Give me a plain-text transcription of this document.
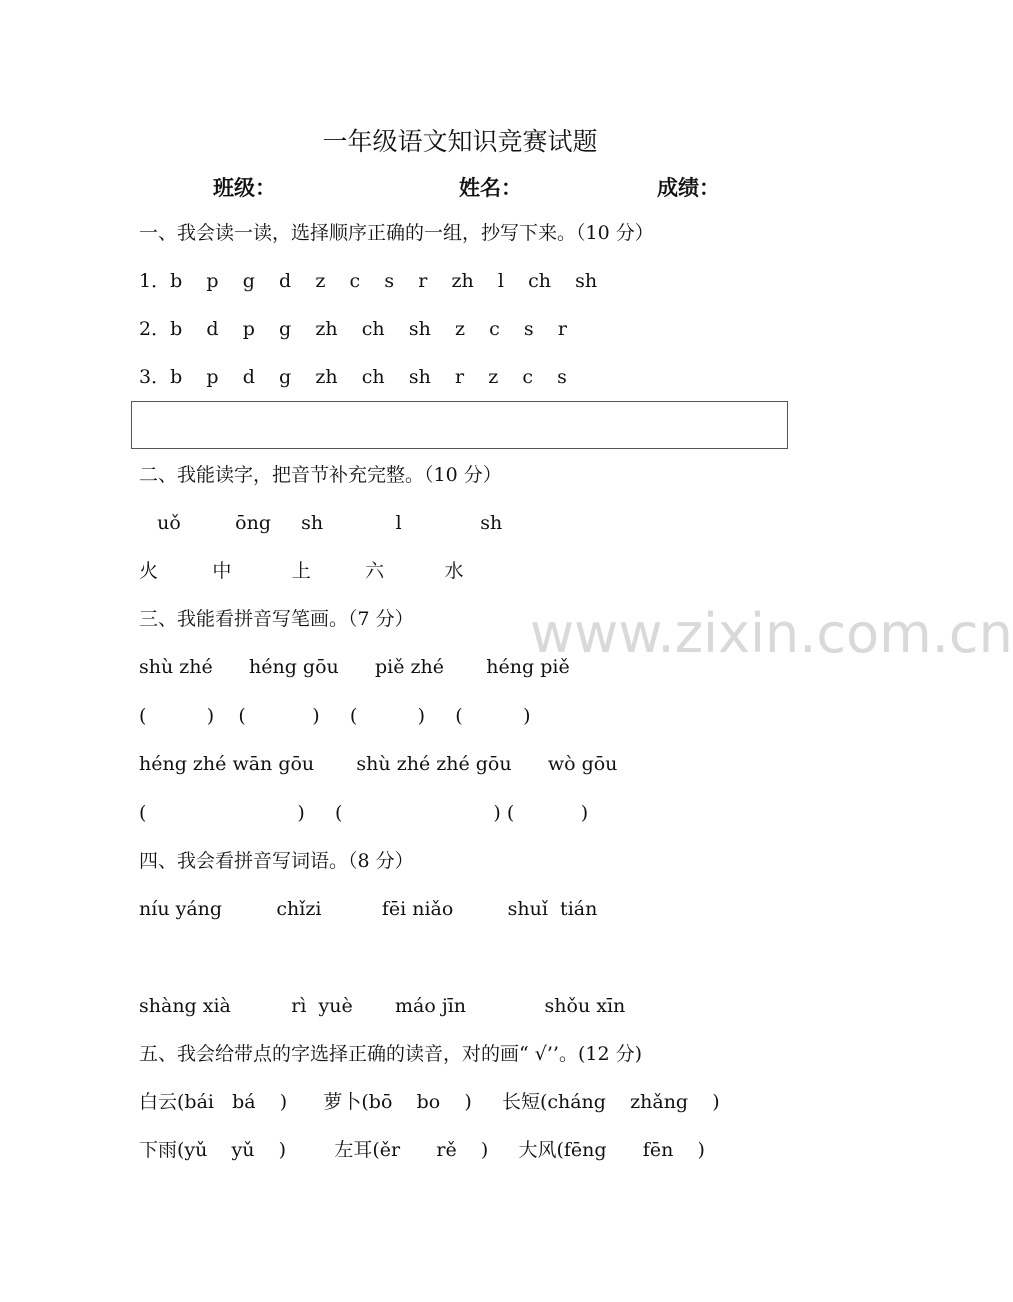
一年级语文知识竞赛试题
班级：	姓名：	成绩：
一、我会读一读，选择顺序正确的一组，抄写下来。（10 分）
1．b    p    g    d    z    c    s    r    zh    l    ch    sh
2．b    d    p    g    zh    ch    sh    z    c    s    r
3．b    p    d    g    zh    ch    sh    r    z    c    s
二、我能读字，把音节补充完整。（10 分）
uǒ         ōng     sh            l             sh
火         中          上         六          水
www.zixin.com.cn
三、我能看拼音写笔画。（7 分）
shù zhé      héng gōu      piě zhé       héng piě
(          )    (           )     (          )     (          )
héng zhé wān gōu       shù zhé zhé gōu      wò gōu
(                         )     (                         ) (           )
四、我会看拼音写词语。（8 分）
níu yáng         chǐzi          fēi niǎo         shuǐ  tián
shàng xià          rì  yuè       máo jīn             shǒu xīn
五、我会给带点的字选择正确的读音，对的画“ √’’。(12 分)
白云(bái   bá    )      萝卜(bō    bo    )     长短(cháng    zhǎng    )
下雨(yǔ    yǔ    )        左耳(ěr      rě    )     大风(fēng      fēn    )
